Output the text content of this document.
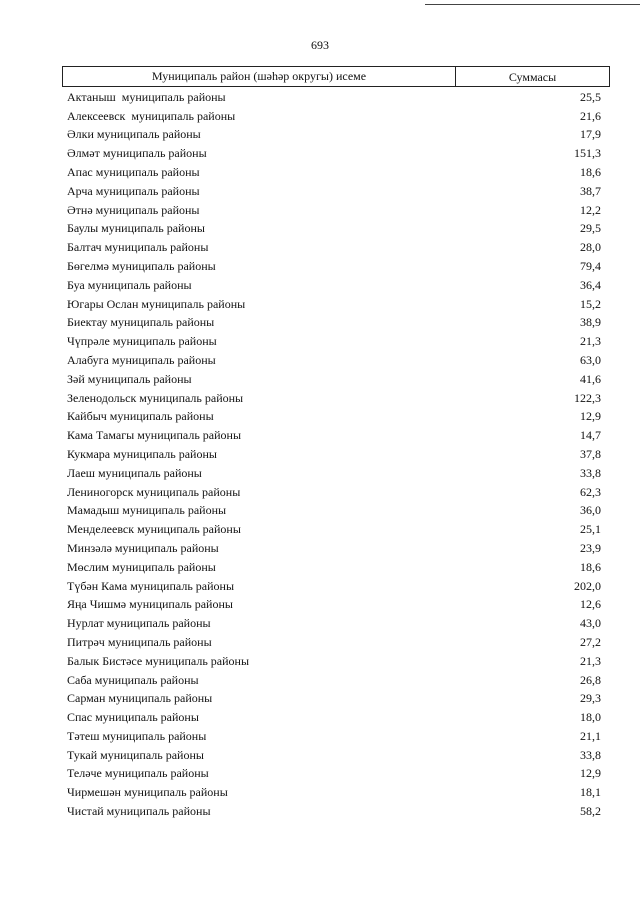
693
Муниципаль район (шәһәр округы) исеме	Суммасы
Актаныш  муниципаль районы	25,5
Алексеевск  муниципаль районы	21,6
Әлки муниципаль районы	17,9
Әлмәт муниципаль районы	151,3
Апас муниципаль районы	18,6
Арча муниципаль районы	38,7
Әтнә муниципаль районы	12,2
Баулы муниципаль районы	29,5
Балтач муниципаль районы	28,0
Бөгелмә муниципаль районы	79,4
Буа муниципаль районы	36,4
Югары Ослан муниципаль районы	15,2
Биектау муниципаль районы	38,9
Чүпрәле муниципаль районы	21,3
Алабуга муниципаль районы	63,0
Зәй муниципаль районы	41,6
Зеленодольск муниципаль районы	122,3
Кайбыч муниципаль районы	12,9
Кама Тамагы муниципаль районы	14,7
Кукмара муниципаль районы	37,8
Лаеш муниципаль районы	33,8
Лениногорск муниципаль районы	62,3
Мамадыш муниципаль районы	36,0
Менделеевск муниципаль районы	25,1
Минзәлә муниципаль районы	23,9
Мөслим муниципаль районы	18,6
Түбән Кама муниципаль районы	202,0
Яңа Чишмә муниципаль районы	12,6
Нурлат муниципаль районы	43,0
Питрәч муниципаль районы	27,2
Балык Бистәсе муниципаль районы	21,3
Саба муниципаль районы	26,8
Сарман муниципаль районы	29,3
Спас муниципаль районы	18,0
Тәтеш муниципаль районы	21,1
Тукай муниципаль районы	33,8
Теләче муниципаль районы	12,9
Чирмешән муниципаль районы	18,1
Чистай муниципаль районы	58,2
